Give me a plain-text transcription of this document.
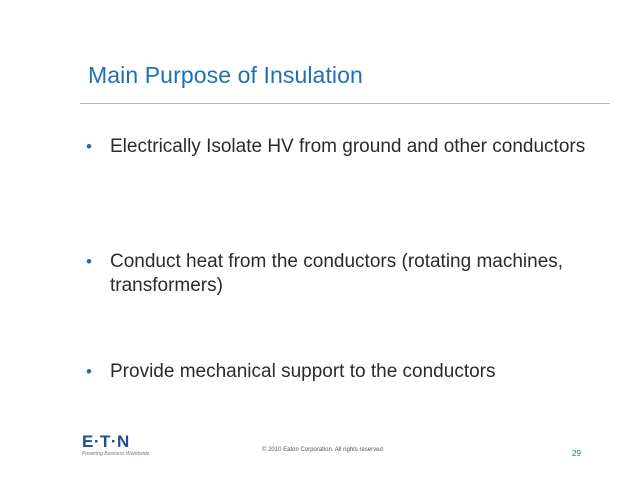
Main Purpose of Insulation
• Electrically Isolate HV from ground and other conductors
• Conduct heat from the conductors (rotating machines, transformers)
• Provide mechanical support to the conductors
E·T·N
Powering Business Worldwide
© 2010 Eaton Corporation. All rights reserved	29
